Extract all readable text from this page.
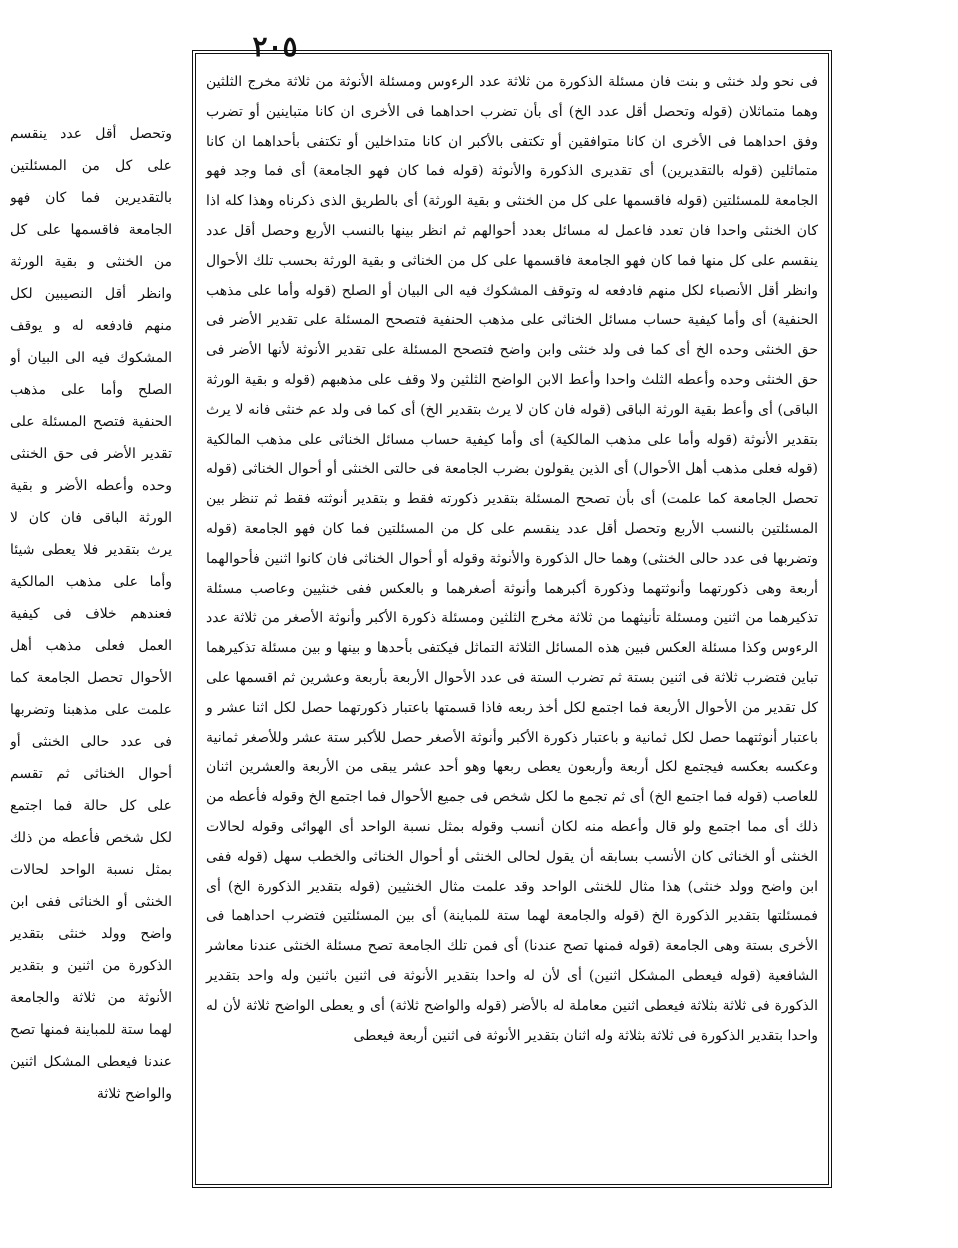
٢٠٥

فى نحو ولد خنثى و بنت فان مسئلة الذكورة من ثلاثة عدد الرءوس ومسئلة الأنوثة من ثلاثة مخرج الثلثين وهما متماثلان (قوله وتحصل أقل عدد الخ) أى بأن تضرب احداهما فى الأخرى ان كانا متباينين أو تضرب وفق احداهما فى الأخرى ان كانا متوافقين أو تكتفى بالأكبر ان كانا متداخلين أو تكتفى بأحداهما ان كانا متماثلين (قوله بالتقديرين) أى تقديرى الذكورة والأنوثة (قوله فما كان فهو الجامعة) أى فما وجد فهو الجامعة للمسئلتين (قوله فاقسمها على كل من الخنثى و بقية الورثة) أى بالطريق الذى ذكرناه وهذا كله اذا كان الخنثى واحدا فان تعدد فاعمل له مسائل بعدد أحوالهم ثم انظر بينها بالنسب الأربع وحصل أقل عدد ينقسم على كل منها فما كان فهو الجامعة فاقسمها على كل من الخناثى و بقية الورثة بحسب تلك الأحوال وانظر أقل الأنصباء لكل منهم فادفعه له وتوقف المشكوك فيه الى البيان أو الصلح (قوله وأما على مذهب الحنفية) أى وأما كيفية حساب مسائل الخناثى على مذهب الحنفية فتصحح المسئلة على تقدير الأضر فى حق الخنثى وحده الخ أى كما فى ولد خنثى وابن واضح فتصحح المسئلة على تقدير الأنوثة لأنها الأضر فى حق الخنثى وحده وأعطه الثلث واحدا وأعط الابن الواضح الثلثين ولا وقف على مذهبهم (قوله و بقية الورثة الباقى) أى وأعط بقية الورثة الباقى (قوله فان كان لا يرث بتقدير الخ) أى كما فى ولد عم خنثى فانه لا يرث بتقدير الأنوثة (قوله وأما على مذهب المالكية) أى وأما كيفية حساب مسائل الخناثى على مذهب المالكية (قوله فعلى مذهب أهل الأحوال) أى الذين يقولون بضرب الجامعة فى حالتى الخنثى أو أحوال الخناثى (قوله تحصل الجامعة كما علمت) أى بأن تصحح المسئلة بتقدير ذكورته فقط و بتقدير أنوثته فقط ثم تنظر بين المسئلتين بالنسب الأربع وتحصل أقل عدد ينقسم على كل من المسئلتين فما كان فهو الجامعة (قوله وتضربها فى عدد حالى الخنثى) وهما حال الذكورة والأنوثة وقوله أو أحوال الخناثى فان كانوا اثنين فأحوالهما أربعة وهى ذكورتهما وأنوثتهما وذكورة أكبرهما وأنوثة أصغرهما و بالعكس ففى خنثيين وعاصب مسئلة تذكيرهما من اثنين ومسئلة تأنيثهما من ثلاثة مخرج الثلثين ومسئلة ذكورة الأكبر وأنوثة الأصغر من ثلاثة عدد الرءوس وكذا مسئلة العكس فبين هذه المسائل الثلاثة التماثل فيكتفى بأحدها و بينها و بين مسئلة تذكيرهما تباين فتضرب ثلاثة فى اثنين بستة ثم تضرب الستة فى عدد الأحوال الأربعة بأربعة وعشرين ثم اقسمها على كل تقدير من الأحوال الأربعة فما اجتمع لكل أخذ ربعه فاذا قسمتها باعتبار ذكورتهما حصل لكل اثنا عشر و باعتبار أنوثتهما حصل لكل ثمانية و باعتبار ذكورة الأكبر وأنوثة الأصغر حصل للأكبر ستة عشر وللأصغر ثمانية وعكسه بعكسه فيجتمع لكل أربعة وأربعون يعطى ربعها وهو أحد عشر يبقى من الأربعة والعشرين اثنان للعاصب (قوله فما اجتمع الخ) أى ثم تجمع ما لكل شخص فى جميع الأحوال فما اجتمع الخ وقوله فأعطه من ذلك أى مما اجتمع ولو قال وأعطه منه لكان أنسب وقوله بمثل نسبة الواحد أى الهوائى وقوله لحالات الخنثى أو الخناثى كان الأنسب بسابقه أن يقول لحالى الخنثى أو أحوال الخناثى والخطب سهل (قوله ففى ابن واضح وولد خنثى) هذا مثال للخنثى الواحد وقد علمت مثال الخنثيين (قوله بتقدير الذكورة الخ) أى فمسئلتها بتقدير الذكورة الخ (قوله والجامعة لهما ستة للمباينة) أى بين المسئلتين فتضرب احداهما فى الأخرى بستة وهى الجامعة (قوله فمنها تصح عندنا) أى فمن تلك الجامعة تصح مسئلة الخنثى عندنا معاشر الشافعية (قوله فيعطى المشكل اثنين) أى لأن له واحدا بتقدير الأنوثة فى اثنين باثنين وله واحد بتقدير الذكورة فى ثلاثة بثلاثة فيعطى اثنين معاملة له بالأضر (قوله والواضح ثلاثة) أى و يعطى الواضح ثلاثة لأن له واحدا بتقدير الذكورة فى ثلاثة بثلاثة وله اثنان بتقدير الأنوثة فى اثنين أربعة فيعطى

وتحصل أقل عدد ينقسم على كل من المسئلتين بالتقديرين فما كان فهو الجامعة فاقسمها على كل من الخنثى و بقية الورثة وانظر أقل النصيبين لكل منهم فادفعه له و يوقف المشكوك فيه الى البيان أو الصلح وأما على مذهب الحنفية فتصح المسئلة على تقدير الأضر فى حق الخنثى وحده وأعطه الأضر و بقية الورثة الباقى فان كان لا يرث بتقدير فلا يعطى شيئا وأما على مذهب المالكية فعندهم خلاف فى كيفية العمل فعلى مذهب أهل الأحوال تحصل الجامعة كما علمت على مذهبنا وتضربها فى عدد حالى الخنثى أو أحوال الخناثى ثم تقسم على كل حالة فما اجتمع لكل شخص فأعطه من ذلك بمثل نسبة الواحد لحالات الخنثى أو الخناثى ففى ابن واضح وولد خنثى بتقدير الذكورة من اثنين و بتقدير الأنوثة من ثلاثة والجامعة لهما ستة للمباينة فمنها تصح عندنا فيعطى المشكل اثنين والواضح ثلاثة
